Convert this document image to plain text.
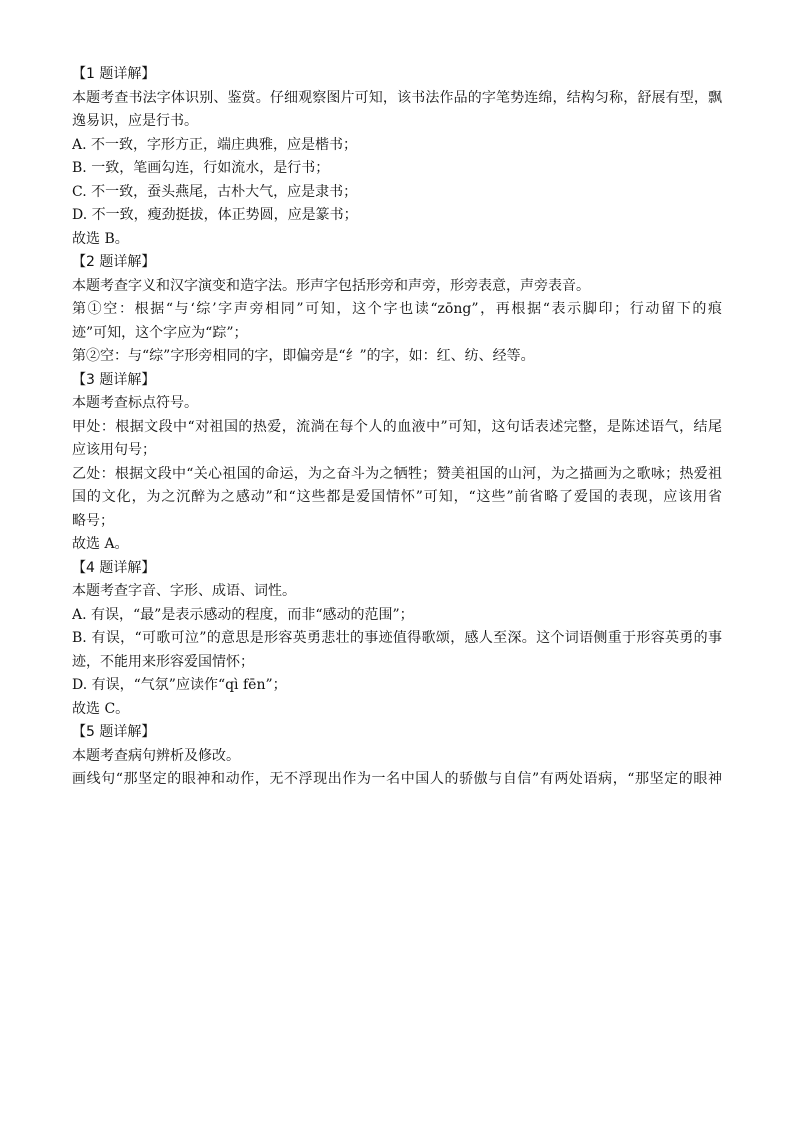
【1 题详解】

本题考查书法字体识别、鉴赏。仔细观察图片可知，该书法作品的字笔势连绵，结构匀称，舒展有型，飘

逸易识，应是行书。

A. 不一致，字形方正，端庄典雅，应是楷书；

B. 一致，笔画勾连，行如流水，是行书；

C. 不一致，蚕头燕尾，古朴大气，应是隶书；

D. 不一致，瘦劲挺拔，体正势圆，应是篆书；

故选 B。

【2 题详解】

本题考查字义和汉字演变和造字法。形声字包括形旁和声旁，形旁表意，声旁表音。

第①空：根据“与‘综’字声旁相同”可知，这个字也读“zōng”，再根据“表示脚印；行动留下的痕

迹”可知，这个字应为“踪”；

第②空：与“综”字形旁相同的字，即偏旁是“纟”的字，如：红、纺、经等。

【3 题详解】

本题考查标点符号。

甲处：根据文段中“对祖国的热爱，流淌在每个人的血液中”可知，这句话表述完整，是陈述语气，结尾

应该用句号；

乙处：根据文段中“关心祖国的命运，为之奋斗为之牺牲；赞美祖国的山河，为之描画为之歌咏；热爱祖

国的文化，为之沉醉为之感动”和“这些都是爱国情怀”可知，“这些”前省略了爱国的表现，应该用省

略号；

故选 A。

【4 题详解】

本题考查字音、字形、成语、词性。

A. 有误，“最”是表示感动的程度，而非“感动的范围”；

B. 有误，“可歌可泣”的意思是形容英勇悲壮的事迹值得歌颂，感人至深。这个词语侧重于形容英勇的事

迹，不能用来形容爱国情怀；

D. 有误，“气氛”应读作“qì fēn”；

故选 C。

【5 题详解】

本题考查病句辨析及修改。

画线句“那坚定的眼神和动作，无不浮现出作为一名中国人的骄傲与自信”有两处语病，“那坚定的眼神
